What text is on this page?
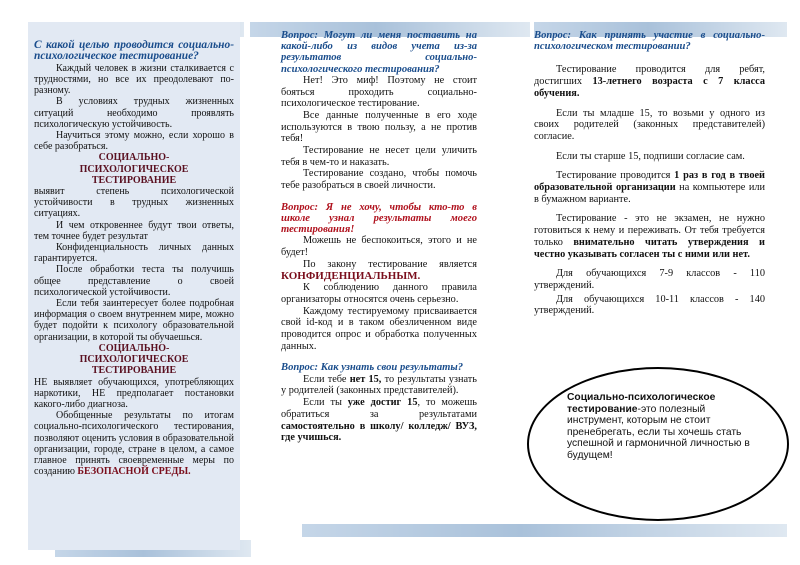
С какой целью проводится социально-психологическое тестирование?

Каждый человек в жизни сталкивается с трудностями, но все их преодолевают по-разному.

В условиях трудных жизненных ситуаций необходимо проявлять психологическую устойчивость.

Научиться этому можно, если хорошо в себе разобраться.

СОЦИАЛЬНО-ПСИХОЛОГИЧЕСКОЕ ТЕСТИРОВАНИЕ

выявит степень психологической устойчивости в трудных жизненных ситуациях.

И чем откровеннее будут твои ответы, тем точнее будет результат

Конфиденциальность личных данных гарантируется.

После обработки теста ты получишь общее представление о своей психологической устойчивости.

Если тебя заинтересует более подробная информация о своем внутреннем мире, можно будет подойти к психологу образовательной организации, в которой ты обучаешься.

СОЦИАЛЬНО-ПСИХОЛОГИЧЕСКОЕ ТЕСТИРОВАНИЕ

НЕ выявляет обучающихся, употребляющих наркотики, НЕ предполагает постановки какого-либо диагноза.

Обобщенные результаты по итогам социально-психологического тестирования, позволяют оценить условия в образовательной организации, городе, стране в целом, а самое главное принять своевременные меры по созданию БЕЗОПАСНОЙ СРЕДЫ.

Вопрос: Могут ли меня поставить на какой-либо из видов учета из-за результатов социально-психологического тестирования?

Нет! Это миф! Поэтому не стоит бояться проходить социально-психологическое тестирование.

Все данные полученные в его ходе используются в твою пользу, а не против тебя!

Тестирование не несет цели уличить тебя в чем-то и наказать.

Тестирование создано, чтобы помочь тебе разобраться в своей личности.

Вопрос: Я не хочу, чтобы кто-то в школе узнал результаты моего тестирования!

Можешь не беспокоиться, этого и не будет!

По закону тестирование является КОНФИДЕНЦИАЛЬНЫМ.

К соблюдению данного правила организаторы относятся очень серьезно.

Каждому тестируемому присваивается свой id-код и в таком обезличенном виде проводится опрос и обработка полученных данных.

Вопрос: Как узнать свои результаты?

Если тебе нет 15, то результаты узнать у родителей (законных представителей).

Если ты уже достиг 15, то можешь обратиться за результатами самостоятельно в школу/ колледж/ ВУЗ, где учишься.

Вопрос: Как принять участие в социально-психологическом тестировании?

Тестирование проводится для ребят, достигших 13-летнего возраста с 7 класса обучения.

Если ты младше 15, то возьми у одного из своих родителей (законных представителей) согласие.

Если ты старше 15, подпиши согласие сам.

Тестирование проводится 1 раз в год в твоей образовательной организации на компьютере или в бумажном варианте.

Тестирование - это не экзамен, не нужно готовиться к нему и переживать. От тебя требуется только внимательно читать утверждения и честно указывать согласен ты с ними или нет.

Для обучающихся 7-9 классов - 110 утверждений.

Для обучающихся 10-11 классов - 140 утверждений.

Социально-психологическое тестирование-это полезный инструмент, которым не стоит пренебрегать, если ты хочешь стать успешной и гармоничной личностью в будущем!
